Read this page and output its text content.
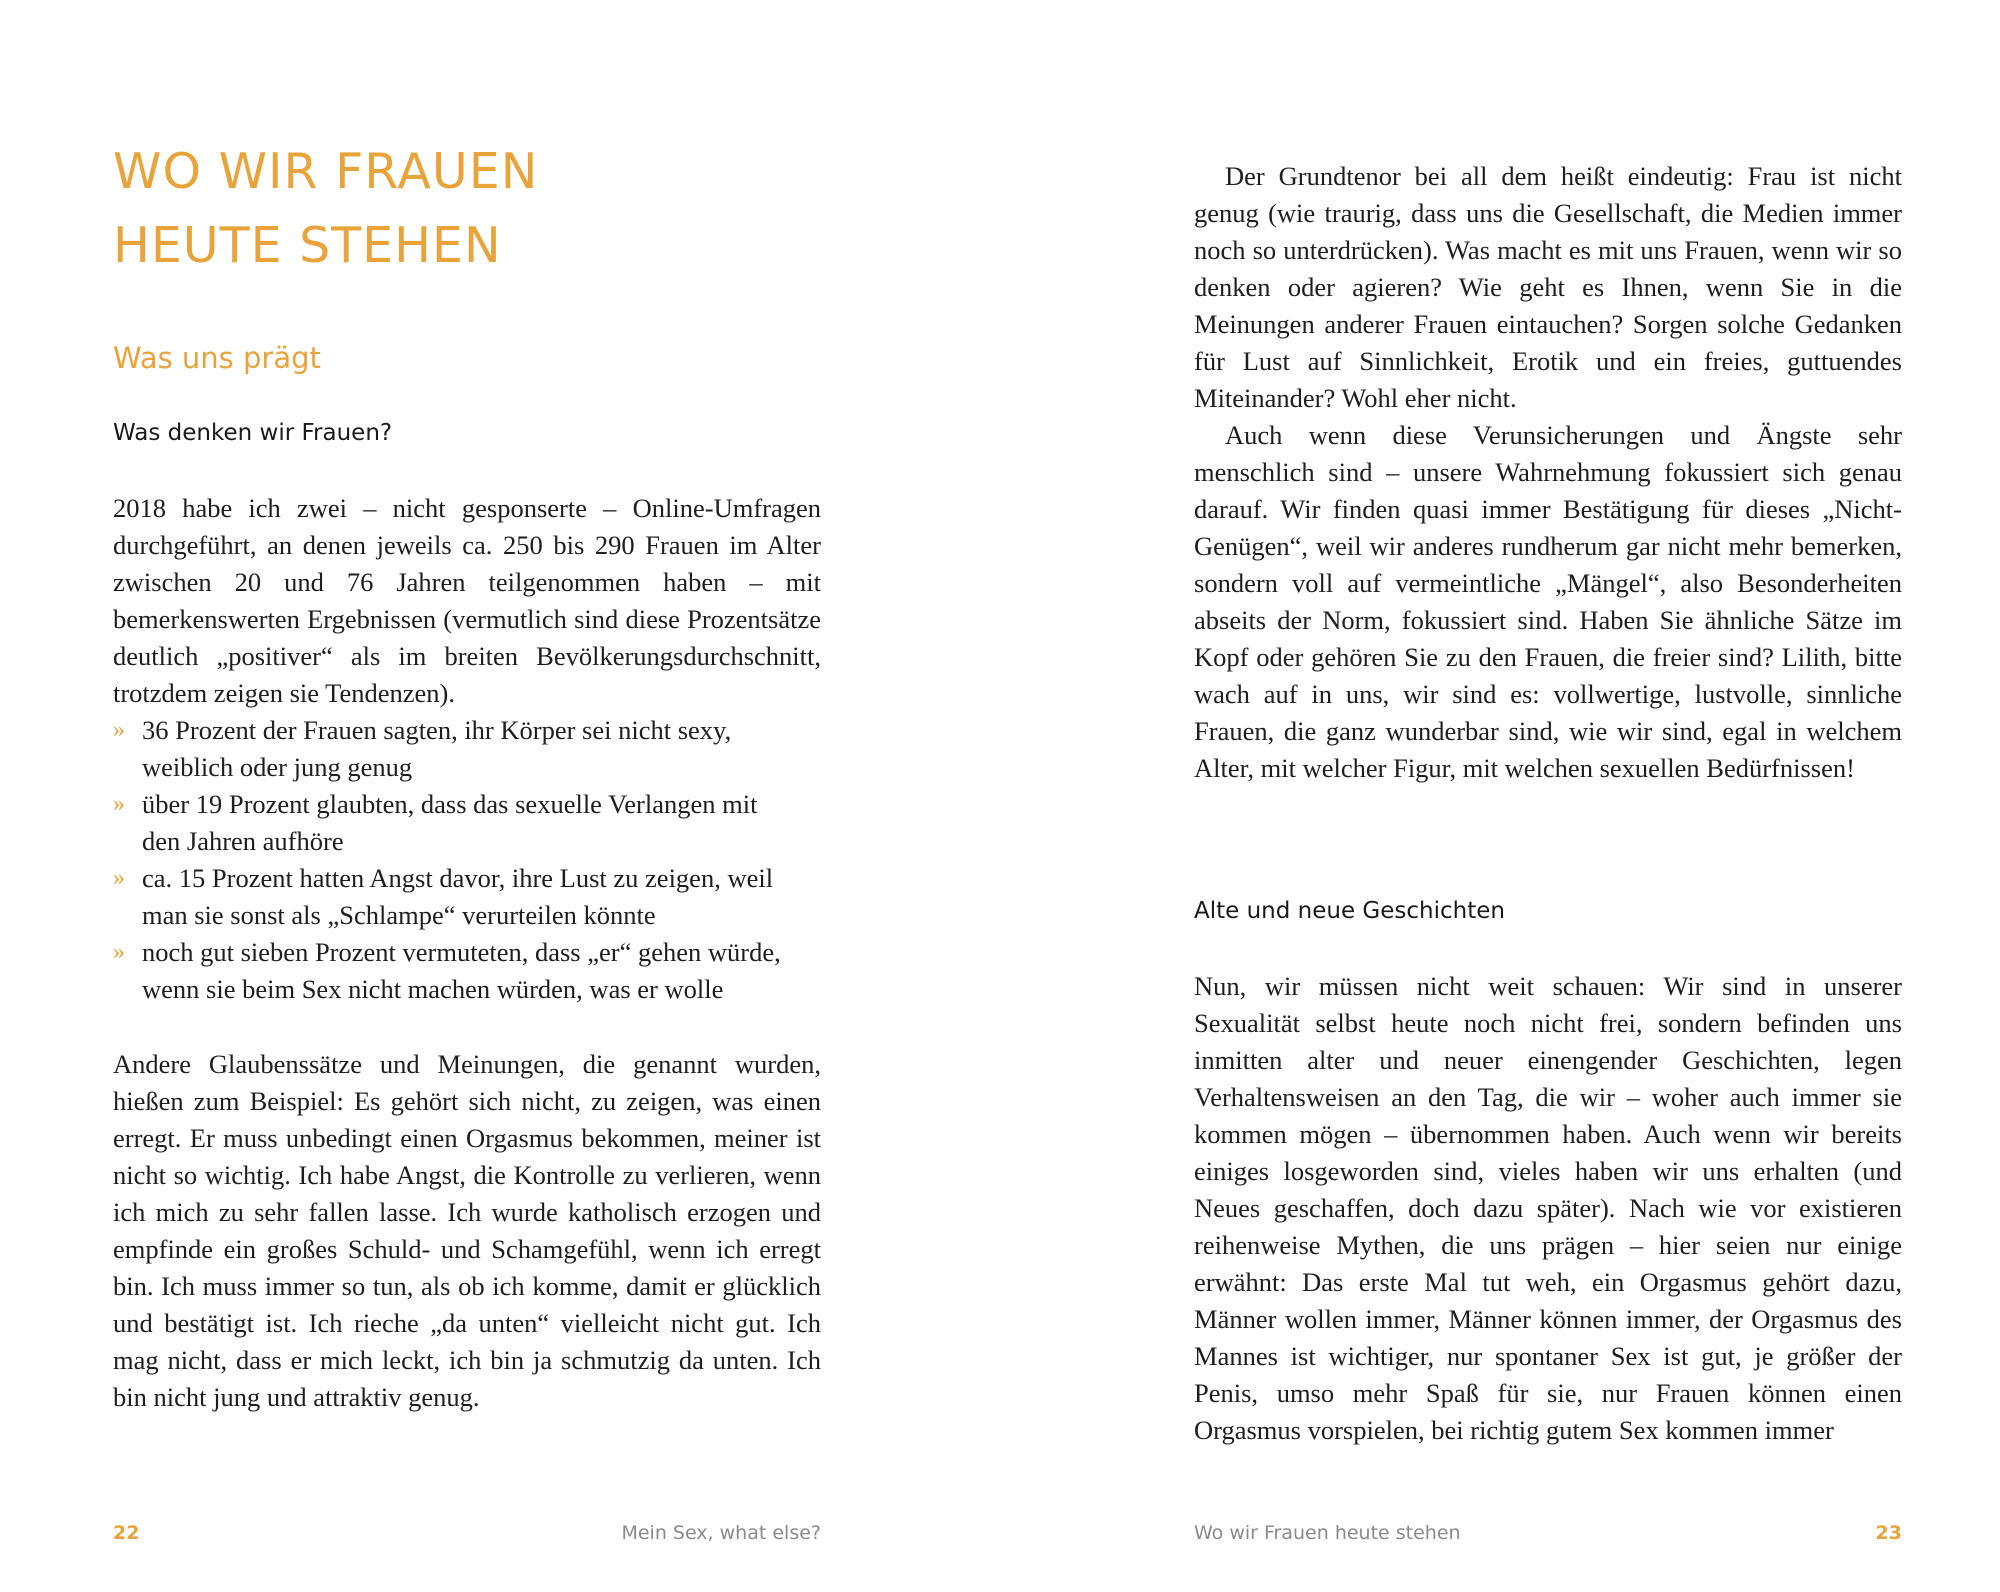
WO WIR FRAUEN
HEUTE STEHEN
Was uns prägt
Was denken wir Frauen?

2018 habe ich zwei – nicht gesponserte – Online-Umfragen durchgeführt, an denen jeweils ca. 250 bis 290 Frauen im Alter zwischen 20 und 76 Jahren teilgenommen haben – mit bemerkenswerten Ergebnissen (vermutlich sind diese Prozentsätze deutlich „positiver“ als im breiten Bevölkerungsdurchschnitt, trotzdem zeigen sie Tendenzen).

» 36 Prozent der Frauen sagten, ihr Körper sei nicht sexy, weiblich oder jung genug
» über 19 Prozent glaubten, dass das sexuelle Verlangen mit den Jahren aufhöre
» ca. 15 Prozent hatten Angst davor, ihre Lust zu zeigen, weil man sie sonst als „Schlampe“ verurteilen könnte
» noch gut sieben Prozent vermuteten, dass „er“ gehen würde, wenn sie beim Sex nicht machen würden, was er wolle

Andere Glaubenssätze und Meinungen, die genannt wurden, hießen zum Beispiel: Es gehört sich nicht, zu zeigen, was einen erregt. Er muss unbedingt einen Orgasmus bekommen, meiner ist nicht so wichtig. Ich habe Angst, die Kontrolle zu verlieren, wenn ich mich zu sehr fallen lasse. Ich wurde katholisch erzogen und empfinde ein großes Schuld- und Schamgefühl, wenn ich erregt bin. Ich muss immer so tun, als ob ich komme, damit er glücklich und bestätigt ist. Ich rieche „da unten“ vielleicht nicht gut. Ich mag nicht, dass er mich leckt, ich bin ja schmutzig da unten. Ich bin nicht jung und attraktiv genug.

22	Mein Sex, what else?

Der Grundtenor bei all dem heißt eindeutig: Frau ist nicht genug (wie traurig, dass uns die Gesellschaft, die Medien immer noch so unterdrücken). Was macht es mit uns Frauen, wenn wir so denken oder agieren? Wie geht es Ihnen, wenn Sie in die Meinungen anderer Frauen eintauchen? Sorgen solche Gedanken für Lust auf Sinnlichkeit, Erotik und ein freies, guttuendes Miteinander? Wohl eher nicht.

Auch wenn diese Verunsicherungen und Ängste sehr menschlich sind – unsere Wahrnehmung fokussiert sich genau darauf. Wir finden quasi immer Bestätigung für dieses „Nicht-Genügen“, weil wir anderes rundherum gar nicht mehr bemerken, sondern voll auf vermeintliche „Mängel“, also Besonderheiten abseits der Norm, fokussiert sind. Haben Sie ähnliche Sätze im Kopf oder gehören Sie zu den Frauen, die freier sind? Lilith, bitte wach auf in uns, wir sind es: vollwertige, lustvolle, sinnliche Frauen, die ganz wunderbar sind, wie wir sind, egal in welchem Alter, mit welcher Figur, mit welchen sexuellen Bedürfnissen!

Alte und neue Geschichten

Nun, wir müssen nicht weit schauen: Wir sind in unserer Sexualität selbst heute noch nicht frei, sondern befinden uns inmitten alter und neuer einengender Geschichten, legen Verhaltensweisen an den Tag, die wir – woher auch immer sie kommen mögen – übernommen haben. Auch wenn wir bereits einiges losgeworden sind, vieles haben wir uns erhalten (und Neues geschaffen, doch dazu später). Nach wie vor existieren reihenweise Mythen, die uns prägen – hier seien nur einige erwähnt: Das erste Mal tut weh, ein Orgasmus gehört dazu, Männer wollen immer, Männer können immer, der Orgasmus des Mannes ist wichtiger, nur spontaner Sex ist gut, je größer der Penis, umso mehr Spaß für sie, nur Frauen können einen Orgasmus vorspielen, bei richtig gutem Sex kommen immer

Wo wir Frauen heute stehen	23
